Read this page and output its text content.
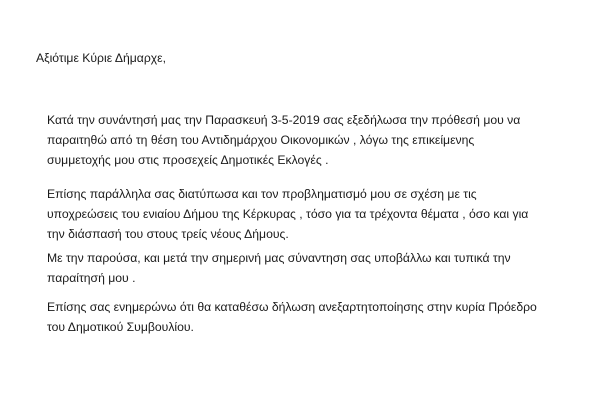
Αξιότιμε Κύριε Δήμαρχε,

Κατά την συνάντησή μας την Παρασκευή 3-5-2019 σας εξεδήλωσα την πρόθεσή μου να
παραιτηθώ από τη θέση του Αντιδημάρχου Οικονομικών , λόγω της επικείμενης
συμμετοχής μου στις προσεχείς Δημοτικές Εκλογές .

Επίσης παράλληλα σας διατύπωσα και τον προβληματισμό μου σε σχέση με τις
υποχρεώσεις του ενιαίου Δήμου της Κέρκυρας , τόσο για τα τρέχοντα θέματα , όσο και για
την διάσπασή του στους τρείς νέους Δήμους.

Με την παρούσα, και μετά την σημερινή μας σύναντηση σας υποβάλλω και τυπικά την
παραίτησή μου .

Επίσης σας ενημερώνω ότι θα καταθέσω δήλωση ανεξαρτητοποίησης στην κυρία Πρόεδρο
του Δημοτικού Συμβουλίου.
